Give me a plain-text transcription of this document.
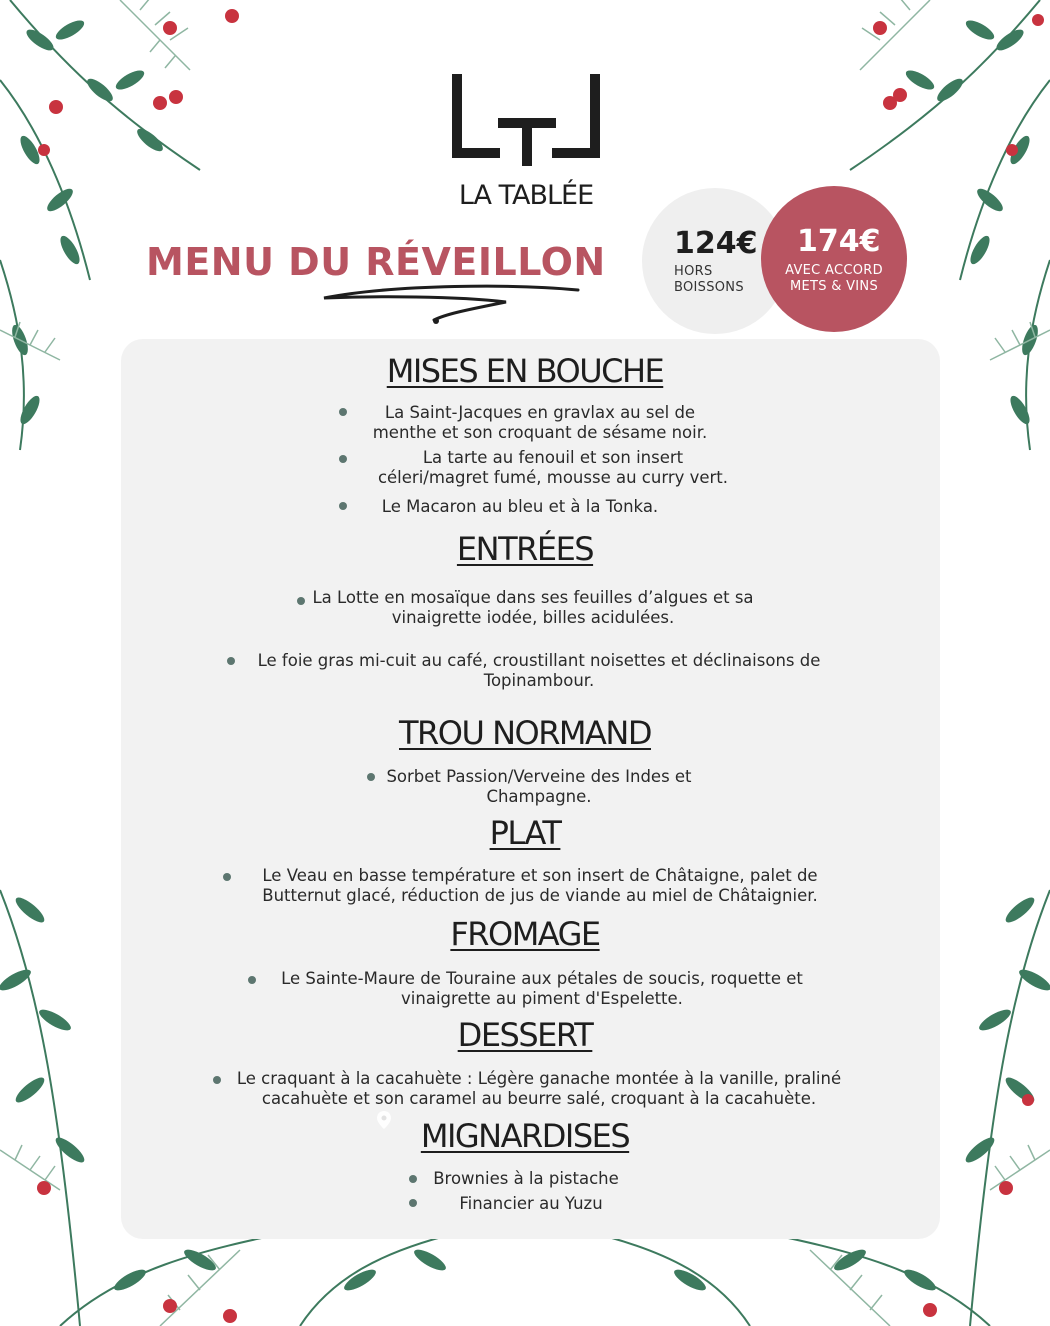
LA TABLÉE
MENU DU RÉVEILLON 124€
HORS
BOISSONS
174€
AVEC ACCORD
METS & VINS
MISES EN BOUCHE
La Saint-Jacques en gravlax au sel de
menthe et son croquant de sésame noir.
La tarte au fenouil et son insert
céleri/magret fumé, mousse au curry vert.
Le Macaron au bleu et à la Tonka.
ENTRÉES
La Lotte en mosaïque dans ses feuilles d’algues et sa
vinaigrette iodée, billes acidulées.
Le foie gras mi-cuit au café, croustillant noisettes et déclinaisons de
Topinambour.
TROU NORMAND
Sorbet Passion/Verveine des Indes et
Champagne.
PLAT
Le Veau en basse température et son insert de Châtaigne, palet de
Butternut glacé, réduction de jus de viande au miel de Châtaignier.
FROMAGE
Le Sainte-Maure de Touraine aux pétales de soucis, roquette et
vinaigrette au piment d'Espelette.
DESSERT
Le craquant à la cacahuète : Légère ganache montée à la vanille, praliné
cacahuète et son caramel au beurre salé, croquant à la cacahuète.
MIGNARDISES
Brownies à la pistache
Financier au Yuzu
